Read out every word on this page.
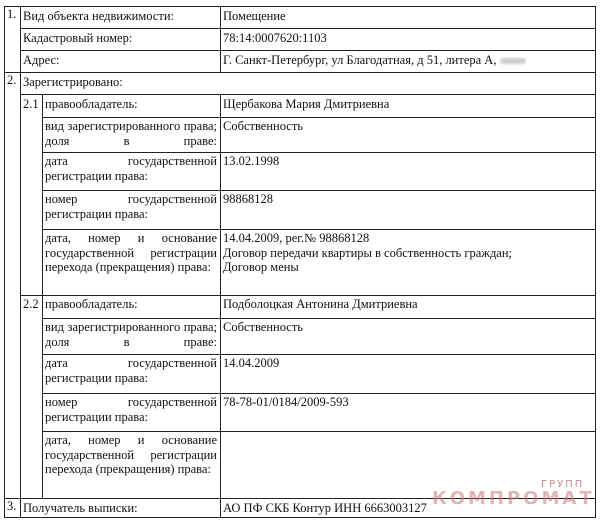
1. Вид объекта недвижимости:	Помещение
Кадастровый номер:	78:14:0007620:1103
Адрес:	Г. Санкт-Петербург, ул Благодатная, д 51, литера А,
2. Зарегистрировано:
2.1 правообладатель:	Щербакова Мария Дмитриевна
вид зарегистрированного права; доля в праве:
Собственность
дата государственной регистрации права:
13.02.1998
номер государственной регистрации права:
98868128
дата, номер и основание государственной регистрации перехода (прекращения) права:
14.04.2009, рег.№ 98868128
Договор передачи квартиры в собственность граждан;
Договор мены
2.2 правообладатель:	Подболоцкая Антонина Дмитриевна
вид зарегистрированного права; доля в праве:
Собственность
дата государственной регистрации права:
14.04.2009
номер государственной регистрации права:
78-78-01/0184/2009-593
дата, номер и основание государственной регистрации перехода (прекращения) права:
3. Получатель выписки:	АО ПФ СКБ Контур ИНН 6663003127
ГРУПП
КОМПРОМАТ
